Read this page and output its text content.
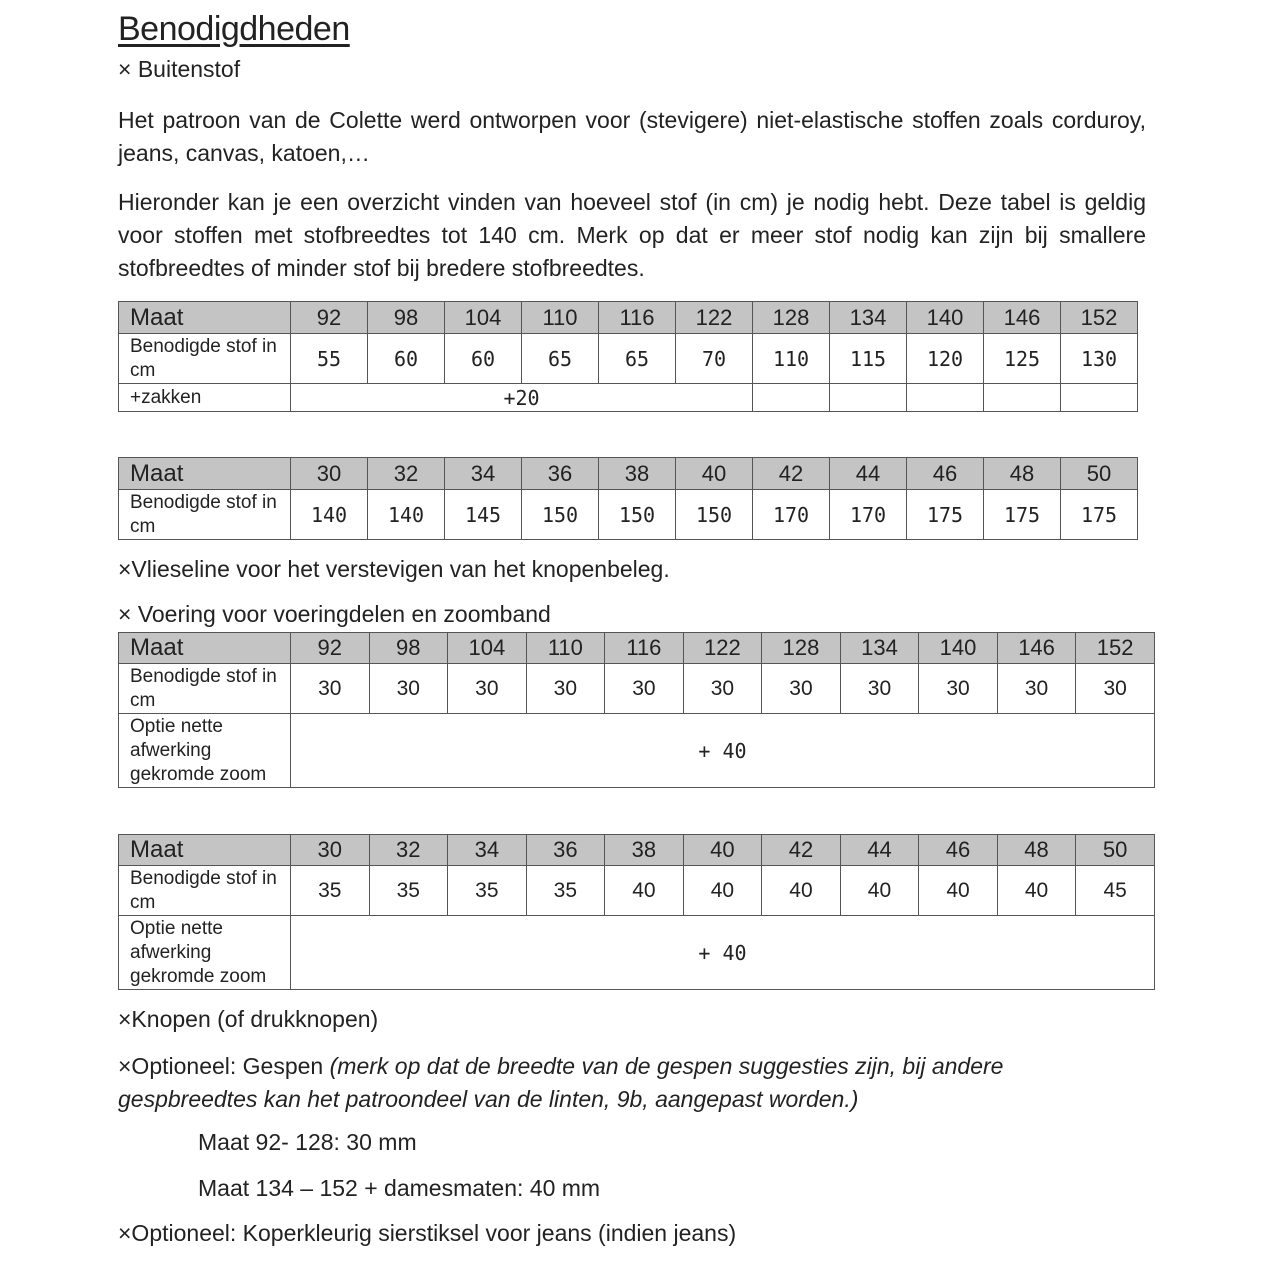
Benodigdheden
× Buitenstof
Het patroon van de Colette werd ontworpen voor (stevigere) niet-elastische stoffen zoals corduroy, jeans, canvas, katoen,…
Hieronder kan je een overzicht vinden van hoeveel stof (in cm) je nodig hebt. Deze tabel is geldig voor stoffen met stofbreedtes tot 140 cm. Merk op dat er meer stof nodig kan zijn bij smallere stofbreedtes of minder stof bij bredere stofbreedtes.
Maat	92	98	104	110	116	122	128	134	140	146	152
Benodigde stof in cm	55	60	60	65	65	70	110	115	120	125	130
+zakken	+20										
Maat	30	32	34	36	38	40	42	44	46	48	50
Benodigde stof in cm	140	140	145	150	150	150	170	170	175	175	175
×Vlieseline voor het verstevigen van het knopenbeleg.
× Voering voor voeringdelen en zoomband
Maat	92	98	104	110	116	122	128	134	140	146	152
Benodigde stof in cm	30	30	30	30	30	30	30	30	30	30	30
Optie nette afwerking gekromde zoom	+ 40										
Maat	30	32	34	36	38	40	42	44	46	48	50
Benodigde stof in cm	35	35	35	35	40	40	40	40	40	40	45
Optie nette afwerking gekromde zoom	+ 40										
×Knopen (of drukknopen)
×Optioneel: Gespen (merk op dat de breedte van de gespen suggesties zijn, bij andere gespbreedtes kan het patroondeel van de linten, 9b, aangepast worden.)
Maat 92- 128: 30 mm
Maat 134 – 152 + damesmaten: 40 mm
×Optioneel: Koperkleurig sierstiksel voor jeans (indien jeans)
